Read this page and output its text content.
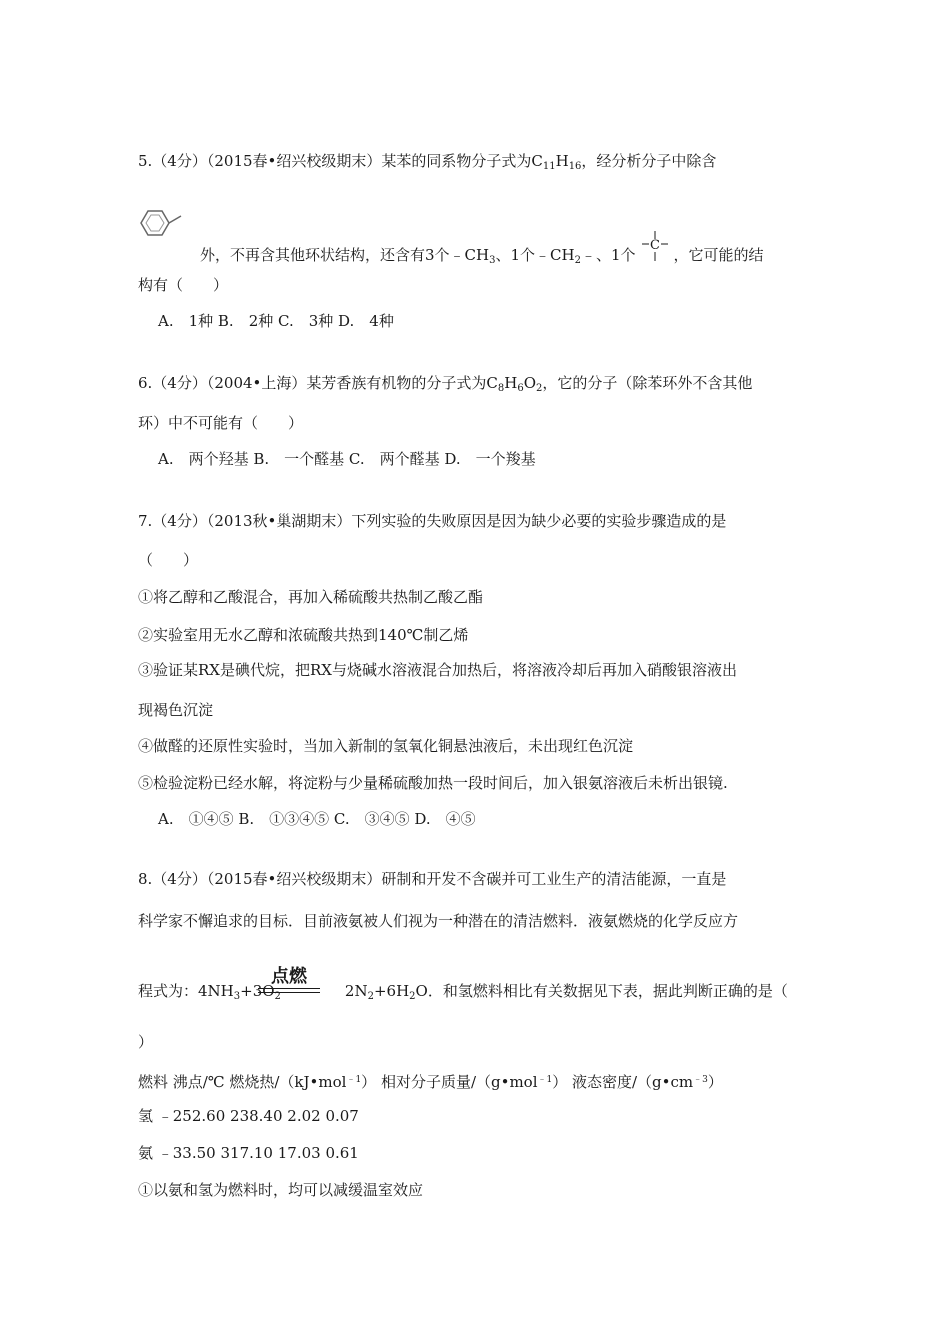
5.（4分）（2015春•绍兴校级期末）某苯的同系物分子式为$C_{11}H_{16}$，经分析分子中除含
外，不再含其他环状结构，还含有3个$﹣CH_3$、1个$﹣CH_2﹣$、1个
C
，它可能的结
构有（　　）
A.　1种 B.　2种 C.　3种 D.　4种
6.（4分）（2004•上海）某芳香族有机物的分子式为$C_8H_6O_2$，它的分子（除苯环外不含其他
环）中不可能有（　　）
A.　两个羟基 B.　一个醛基 C.　两个醛基 D.　一个羧基
7.（4分）（2013秋•巢湖期末）下列实验的失败原因是因为缺少必要的实验步骤造成的是
（　　）
①将乙醇和乙酸混合，再加入稀硫酸共热制乙酸乙酯
②实验室用无水乙醇和浓硫酸共热到140℃制乙烯
③验证某RX是碘代烷，把RX与烧碱水溶液混合加热后，将溶液冷却后再加入硝酸银溶液出
现褐色沉淀
④做醛的还原性实验时，当加入新制的氢氧化铜悬浊液后，未出现红色沉淀
⑤检验淀粉已经水解，将淀粉与少量稀硫酸加热一段时间后，加入银氨溶液后未析出银镜.
A.　①④⑤ B.　①③④⑤ C.　③④⑤ D.　④⑤
8.（4分）（2015春•绍兴校级期末）研制和开发不含碳并可工业生产的清洁能源，一直是
科学家不懈追求的目标．目前液氨被人们视为一种潜在的清洁燃料．液氨燃烧的化学反应方
点燃
程式为：$4NH_3+3O_2$	$2N_2+6H_2O$．和氢燃料相比有关数据见下表，据此判断正确的是（
）
燃料 沸点/℃ 燃烧热/（kJ•mol$^{﹣1}$） 相对分子质量/（g•mol$^{﹣1}$） 液态密度$/(g•cm^{﹣3})$
氢 ﹣252.60 238.40 2.02 0.07
氨 ﹣33.50 317.10 17.03 0.61
①以氨和氢为燃料时，均可以减缓温室效应
